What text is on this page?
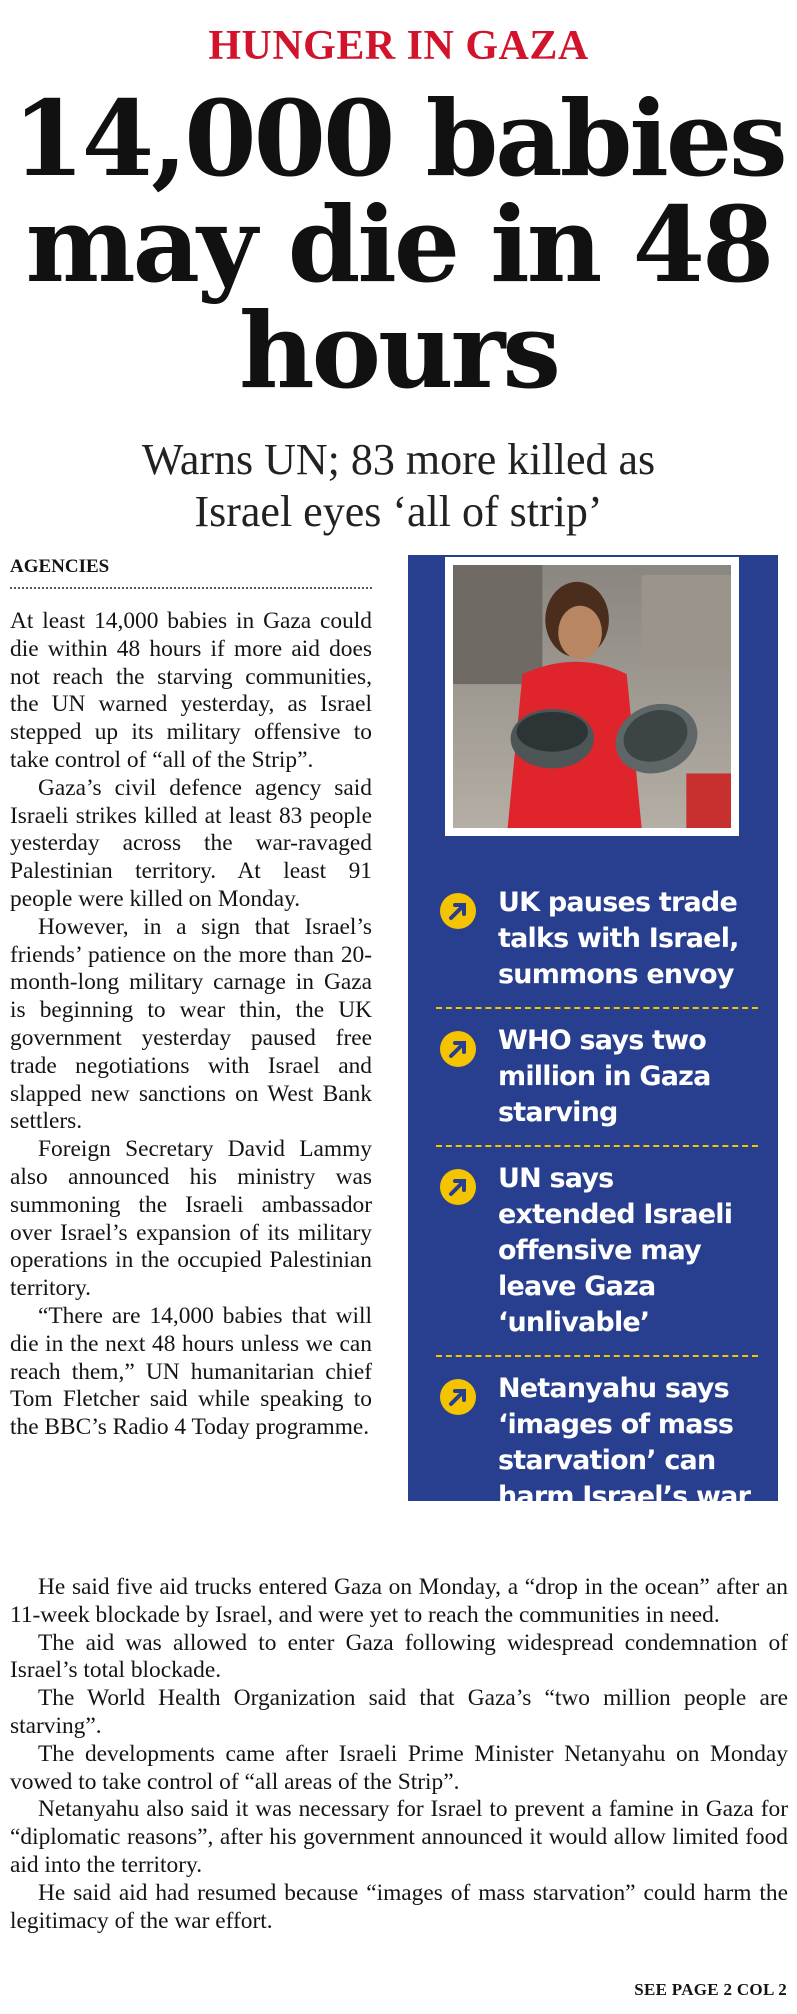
HUNGER IN GAZA
14,000 babies
may die in 48
hours
Warns UN; 83 more killed as
Israel eyes ‘all of strip’
AGENCIES

At least 14,000 babies in Gaza could die within 48 hours if more aid does not reach the starving communities, the UN warned yesterday, as Israel stepped up its military offensive to take control of “all of the Strip”.

Gaza’s civil defence agency said Israeli strikes killed at least 83 people yesterday across the war-ravaged Palestinian territory. At least 91 people were killed on Monday.

However, in a sign that Israel’s friends’ patience on the more than 20-month-long military carnage in Gaza is beginning to wear thin, the UK government yesterday paused free trade negotiations with Israel and slapped new sanctions on West Bank settlers.

Foreign Secretary David Lammy also announced his ministry was summoning the Israeli ambassador over Israel’s expansion of its military operations in the occupied Palestinian territory.

“There are 14,000 babies that will die in the next 48 hours unless we can reach them,” UN humanitarian chief Tom Fletcher said while speaking to the BBC’s Radio 4 Today programme.

UK pauses trade talks with Israel, summons envoy
WHO says two million in Gaza starving
UN says extended Israeli offensive may leave Gaza ‘unlivable’
Netanyahu says ‘images of mass starvation’ can harm Israel’s war

He said five aid trucks entered Gaza on Monday, a “drop in the ocean” after an 11-week blockade by Israel, and were yet to reach the communities in need.

The aid was allowed to enter Gaza following widespread condemnation of Israel’s total blockade.

The World Health Organization said that Gaza’s “two million people are starving”.

The developments came after Israeli Prime Minister Netanyahu on Monday vowed to take control of “all areas of the Strip”.

Netanyahu also said it was necessary for Israel to prevent a famine in Gaza for “diplomatic reasons”, after his government announced it would allow limited food aid into the territory.

He said aid had resumed because “images of mass starvation” could harm the legitimacy of the war effort.

SEE PAGE 2 COL 2
